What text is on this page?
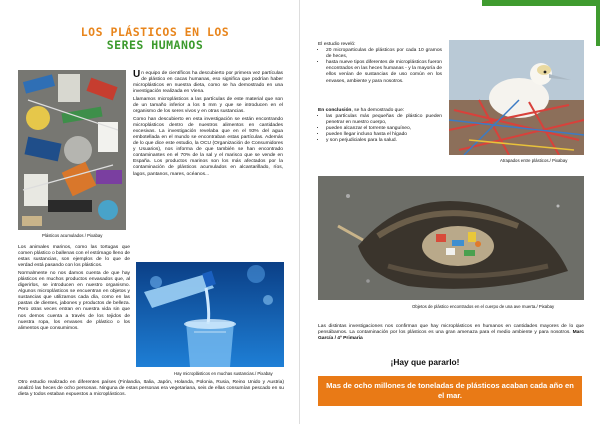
LOS PLÁSTICOS EN LOS
SERES HUMANOS
Plásticos acumulados / Pixabay

Un equipo de científicos ha descubierto por primera vez partículas de plástico en cacas humanas, eso significa que podrían haber microplásticos en nuestra dieta, como se ha demostrado en una investigación realizada en Viena.

Llamamos microplásticos a las partículas de este material que son de un tamaño inferior a los 5 mm y que se introducen en el organismo de los seres vivos y en otras sustancias.

Como han descubierto en esta investigación se están encontrando microplásticos dentro de nuestros alimentos en cantidades excesivas. La investigación revelaba que en el 93% del agua embotellada en el mundo se encontraban estas partículas. Además de lo que dice este estudio, la OCU (Organización de Consumidores y Usuarios), nos informa de que también se han encontrado contaminantes en el 70% de la sal y el marisco que se vende en España. Los productos marinos son los más afectados por la contaminación de plásticos acumulados en alcantarillado, ríos, lagos, pantanos, mares, océanos...

Los animales marinos, como las tortugas que comen plástico o ballenas con el estómago lleno de estas sustancias, son ejemplos de lo que de verdad está pasando con los plásticos.

Normalmente no nos damos cuenta de que hay plásticos en muchos productos envasados que, al digerirlos, se introducen en nuestro organismo. Algunos microplásticos se encuentran en objetos y sustancias que utilizamos cada día, como en las pastas de dientes, jabones y productos de belleza. Pero otras veces entran en nuestra vida sin que nos demos cuenta a través de los tejidos de nuestra ropa, los envases de plástico o los alimentos que consumimos.

Hay microplásticos en muchas sustancias./ Pixabay

Otro estudio realizado en diferentes países (Finlandia, Italia, Japón, Holanda, Polonia, Rusia, Reino Unido y Austria) analizó las heces de ocho personas. Ninguna de estas personas era vegetariana, seis de ellas consumían pescado en su dieta y todos estaban expuestos a microplásticos.

El estudio reveló:
• 20 microparticulas de plásticos por cada 10 gramos de heces,
• hasta nueve tipos diferentes de microplásticos fueron encontrados en las heces humanas - y la mayoría de ellos venían de sustancias de uso común en los envases, ambiente y para nosotros.
Atrapados entre plásticos./ Pixabay
En conclusión, se ha demostrado que:
• las partículas más pequeñas de plástico pueden penetrar en nuestro cuerpo,
• pueden alcanzar el torrente sanguíneo,
• pueden llegar incluso hasta el hígado
• y son perjudiciales para la salud.
Objetos de plástico encontrados en el cuerpo de una ave muerta./ Pixabay
Las distintas investigaciones nos confirman que hay microplásticos en humanos en cantidades mayores de lo que pensábamos. La contaminación por los plásticos es una gran amenaza para el medio ambiente y para nosotros. Marc García / 4º Primaria
¡Hay que pararlo!
Mas de ocho millones de toneladas de plásticos acaban cada año en el mar.
